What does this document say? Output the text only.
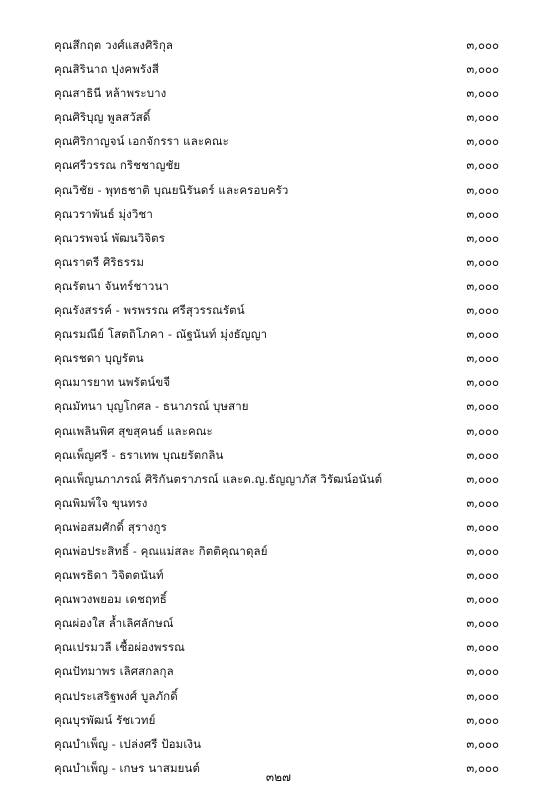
คุณสึกฤต วงศ์แสงศิริกุล	๓,๐๐๐
คุณสิรินาถ ปุงคพรังสี	๓,๐๐๐
คุณสาธินี หล้าพระบาง	๓,๐๐๐
คุณศิริบุญ พูลสวัสดิ์	๓,๐๐๐
คุณศิริกาญจน์ เอกจักรรา และคณะ	๓,๐๐๐
คุณศรีวรรณ กริชชาญชัย	๓,๐๐๐
คุณวิชัย - พุทธชาติ บุณยนิรันดร์ และครอบครัว	๓,๐๐๐
คุณวราพันธ์ มุ่งวิชา	๓,๐๐๐
คุณวรพจน์ พัฒนวิจิตร	๓,๐๐๐
คุณราตรี ศิริธรรม	๓,๐๐๐
คุณรัตนา จันทร์ชาวนา	๓,๐๐๐
คุณรังสรรค์ - พรพรรณ ศรีสุวรรณรัตน์	๓,๐๐๐
คุณรมณีย์ โสตถิโภคา - ณัฐนันท์ มุ่งธัญญา	๓,๐๐๐
คุณรชดา บุญรัตน	๓,๐๐๐
คุณมารยาท นพรัตน์ขจี	๓,๐๐๐
คุณมัทนา บุญโกศล - ธนาภรณ์ บุษสาย	๓,๐๐๐
คุณเพลินพิศ สุขสุคนธ์ และคณะ	๓,๐๐๐
คุณเพ็ญศรี - ธราเทพ บุณยรัตกลิน	๓,๐๐๐
คุณเพ็ญนภาภรณ์ ศิริกันตราภรณ์ และด.ญ.ธัญญาภัส วิรัฒน์อนันต์	๓,๐๐๐
คุณพิมพ์ใจ ขุนทรง	๓,๐๐๐
คุณพ่อสมศักดิ์ สุรางกูร	๓,๐๐๐
คุณพ่อประสิทธิ์ - คุณแม่สละ กิตติคุณาดุลย์	๓,๐๐๐
คุณพรธิดา วิจิตตนันท์	๓,๐๐๐
คุณพวงพยอม เดชฤทธิ์	๓,๐๐๐
คุณผ่องใส ล้ำเลิศลักษณ์	๓,๐๐๐
คุณเปรมวลี เชื้อผ่องพรรณ	๓,๐๐๐
คุณปัทมาพร เลิศสกลกุล	๓,๐๐๐
คุณประเสริฐพงศ์ บูลภักดิ์	๓,๐๐๐
คุณบุรพัฒน์ รัชเวทย์	๓,๐๐๐
คุณบำเพ็ญ - เปล่งศรี ป้อมเงิน	๓,๐๐๐
คุณบำเพ็ญ - เกษร นาสมยนต์	๓,๐๐๐
๓๒๗
